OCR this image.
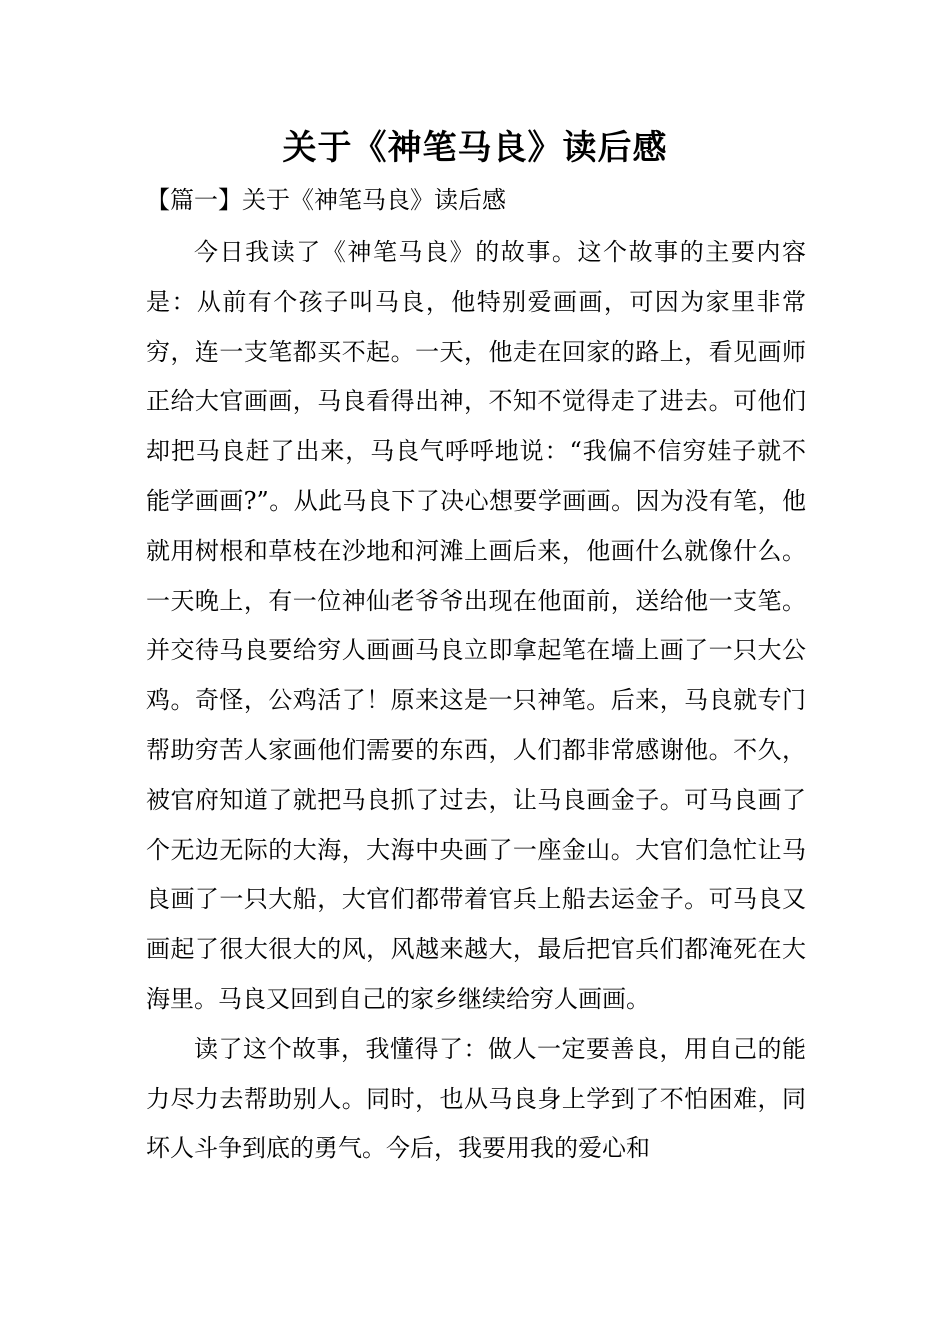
关于《神笔马良》读后感
【篇一】关于《神笔马良》读后感

今日我读了《神笔马良》的故事。这个故事的主要内容是：从前有个孩子叫马良，他特别爱画画，可因为家里非常穷，连一支笔都买不起。一天，他走在回家的路上，看见画师正给大官画画，马良看得出神，不知不觉得走了进去。可他们却把马良赶了出来，马良气呼呼地说：“我偏不信穷娃子就不能学画画?”。从此马良下了决心想要学画画。因为没有笔，他就用树根和草枝在沙地和河滩上画后来，他画什么就像什么。一天晚上，有一位神仙老爷爷出现在他面前，送给他一支笔。并交待马良要给穷人画画马良立即拿起笔在墙上画了一只大公鸡。奇怪，公鸡活了！原来这是一只神笔。后来，马良就专门帮助穷苦人家画他们需要的东西，人们都非常感谢他。不久，被官府知道了就把马良抓了过去，让马良画金子。可马良画了个无边无际的大海，大海中央画了一座金山。大官们急忙让马良画了一只大船，大官们都带着官兵上船去运金子。可马良又画起了很大很大的风，风越来越大，最后把官兵们都淹死在大海里。马良又回到自己的家乡继续给穷人画画。

读了这个故事，我懂得了：做人一定要善良，用自己的能力尽力去帮助别人。同时，也从马良身上学到了不怕困难，同坏人斗争到底的勇气。今后，我要用我的爱心和
